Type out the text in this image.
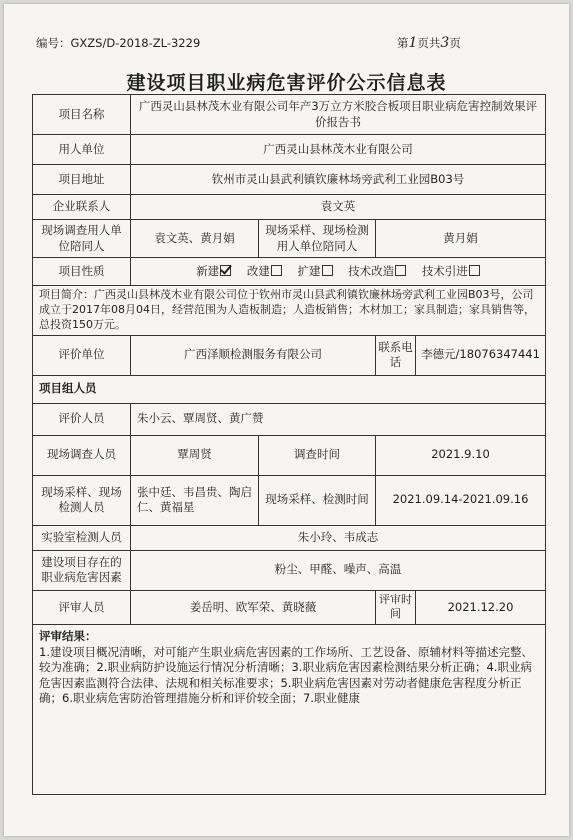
编号：GXZS/D-2018-ZL-3229	第1页共3页
建设项目职业病危害评价公示信息表
项目名称	广西灵山县林茂木业有限公司年产3万立方米胶合板项目职业病危害控制效果评价报告书			
用人单位	广西灵山县林茂木业有限公司			
项目地址	钦州市灵山县武利镇钦廉林场旁武利工业园B03号			
企业联系人	袁文英			
现场调查用人单位陪同人	袁文英、黄月娟	现场采样、现场检测用人单位陪同人	黄月娟	
项目性质	新建 改建 扩建 技术改造 技术引进			
项目简介：广西灵山县林茂木业有限公司位于钦州市灵山县武利镇钦廉林场旁武利工业园B03号，公司成立于2017年08月04日，经营范围为人造板制造；人造板销售；木材加工；家具制造；家具销售等，总投资150万元。				
评价单位	广西泽顺检测服务有限公司		联系电话	李德元/18076347441
项目组人员				
评价人员	朱小云、覃周贤、黄广赞			
现场调查人员	覃周贤	调查时间	2021.9.10	
现场采样、现场检测人员	张中廷、韦昌贵、陶启仁、黄福星	现场采样、检测时间	2021.09.14-2021.09.16	
实验室检测人员	朱小玲、韦成志			
建设项目存在的职业病危害因素	粉尘、甲醛、噪声、高温			
评审人员	姜岳明、欧军荣、黄晓薇		评审时间	2021.12.20

评审结果：
1.建设项目概况清晰，对可能产生职业病危害因素的工作场所、工艺设备、原辅材料等描述完整、较为准确；2.职业病防护设施运行情况分析清晰；3.职业病危害因素检测结果分析正确；4.职业病危害因素监测符合法律、法规和相关标准要求；5.职业病危害因素对劳动者健康危害程度分析正确；6.职业病危害防治管理措施分析和评价较全面；7.职业健康				
